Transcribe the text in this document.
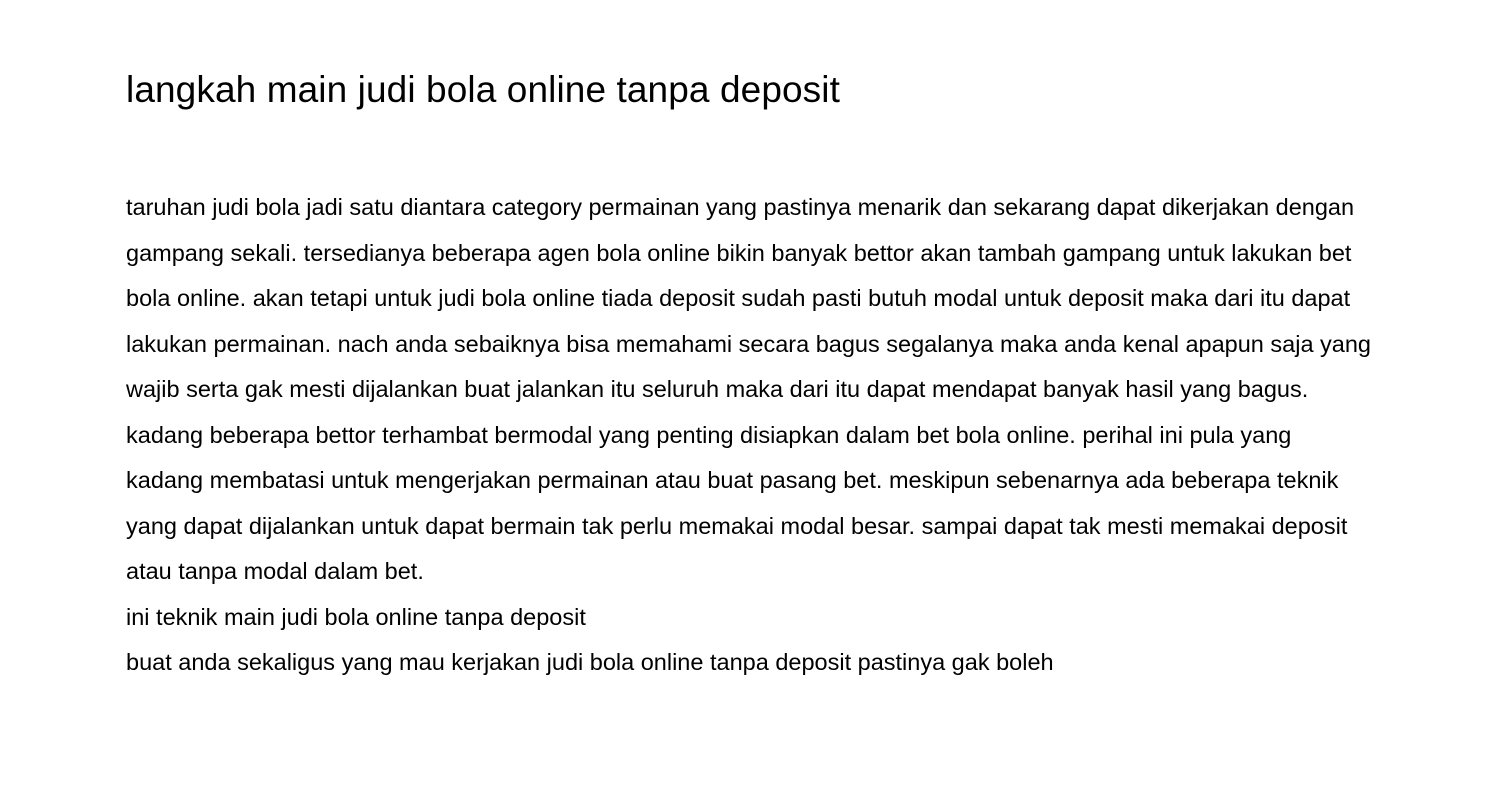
langkah main judi bola online tanpa deposit

taruhan judi bola jadi satu diantara category permainan yang pastinya menarik dan sekarang dapat dikerjakan dengan gampang sekali. tersedianya beberapa agen bola online bikin banyak bettor akan tambah gampang untuk lakukan bet bola online. akan tetapi untuk judi bola online tiada deposit sudah pasti butuh modal untuk deposit maka dari itu dapat lakukan permainan. nach anda sebaiknya bisa memahami secara bagus segalanya maka anda kenal apapun saja yang wajib serta gak mesti dijalankan buat jalankan itu seluruh maka dari itu dapat mendapat banyak hasil yang bagus.

kadang beberapa bettor terhambat bermodal yang penting disiapkan dalam bet bola online. perihal ini pula yang kadang membatasi untuk mengerjakan permainan atau buat pasang bet. meskipun sebenarnya ada beberapa teknik yang dapat dijalankan untuk dapat bermain tak perlu memakai modal besar. sampai dapat tak mesti memakai deposit atau tanpa modal dalam bet.

ini teknik main judi bola online tanpa deposit

buat anda sekaligus yang mau kerjakan judi bola online tanpa deposit pastinya gak boleh
